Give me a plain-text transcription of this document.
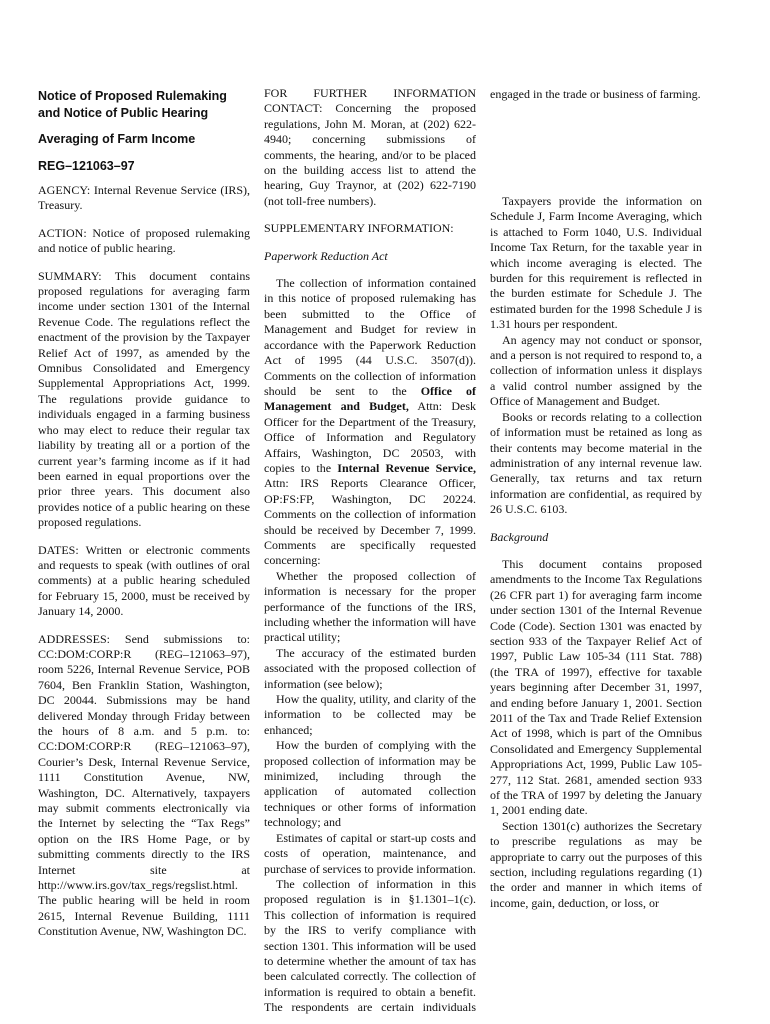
Notice of Proposed Rulemaking
and Notice of Public Hearing
Averaging of Farm Income
REG–121063–97

AGENCY: Internal Revenue Service (IRS), Treasury.

ACTION: Notice of proposed rulemaking and notice of public hearing.

SUMMARY: This document contains proposed regulations for averaging farm income under section 1301 of the Internal Revenue Code. The regulations reflect the enactment of the provision by the Taxpayer Relief Act of 1997, as amended by the Omnibus Consolidated and Emergency Supplemental Appropriations Act, 1999. The regulations provide guidance to individuals engaged in a farming business who may elect to reduce their regular tax liability by treating all or a portion of the current year’s farming income as if it had been earned in equal proportions over the prior three years. This document also provides notice of a public hearing on these proposed regulations.

DATES: Written or electronic comments and requests to speak (with outlines of oral comments) at a public hearing scheduled for February 15, 2000, must be received by January 14, 2000.

ADDRESSES: Send submissions to: CC:DOM:CORP:R (REG–121063–97), room 5226, Internal Revenue Service, POB 7604, Ben Franklin Station, Washington, DC 20044. Submissions may be hand delivered Monday through Friday between the hours of 8 a.m. and 5 p.m. to: CC:DOM:CORP:R (REG–121063–97), Courier’s Desk, Internal Revenue Service, 1111 Constitution Avenue, NW, Washington, DC. Alternatively, taxpayers may submit comments electronically via the Internet by selecting the “Tax Regs” option on the IRS Home Page, or by submitting comments directly to the IRS Internet site at http://www.irs.gov/tax_regs/regslist.html. The public hearing will be held in room 2615, Internal Revenue Building, 1111 Constitution Avenue, NW, Washington DC.

FOR FURTHER INFORMATION CONTACT: Concerning the proposed regulations, John M. Moran, at (202) 622-4940; concerning submissions of comments, the hearing, and/or to be placed on the building access list to attend the hearing, Guy Traynor, at (202) 622-7190 (not toll-free numbers).

SUPPLEMENTARY INFORMATION:

Paperwork Reduction Act

The collection of information contained in this notice of proposed rulemaking has been submitted to the Office of Management and Budget for review in accordance with the Paperwork Reduction Act of 1995 (44 U.S.C. 3507(d)). Comments on the collection of information should be sent to the Office of Management and Budget, Attn: Desk Officer for the Department of the Treasury, Office of Information and Regulatory Affairs, Washington, DC 20503, with copies to the Internal Revenue Service, Attn: IRS Reports Clearance Officer, OP:FS:FP, Washington, DC 20224. Comments on the collection of information should be received by December 7, 1999. Comments are specifically requested concerning:

Whether the proposed collection of information is necessary for the proper performance of the functions of the IRS, including whether the information will have practical utility;

The accuracy of the estimated burden associated with the proposed collection of information (see below);

How the quality, utility, and clarity of the information to be collected may be enhanced;

How the burden of complying with the proposed collection of information may be minimized, including through the application of automated collection techniques or other forms of information technology; and

Estimates of capital or start-up costs and costs of operation, maintenance, and purchase of services to provide information.

The collection of information in this proposed regulation is in §1.1301–1(c). This collection of information is required by the IRS to verify compliance with section 1301. This information will be used to determine whether the amount of tax has been calculated correctly. The collection of information is required to obtain a benefit. The respondents are certain individuals

engaged in the trade or business of farming.

Taxpayers provide the information on Schedule J, Farm Income Averaging, which is attached to Form 1040, U.S. Individual Income Tax Return, for the taxable year in which income averaging is elected. The burden for this requirement is reflected in the burden estimate for Schedule J. The estimated burden for the 1998 Schedule J is 1.31 hours per respondent.

An agency may not conduct or sponsor, and a person is not required to respond to, a collection of information unless it displays a valid control number assigned by the Office of Management and Budget.

Books or records relating to a collection of information must be retained as long as their contents may become material in the administration of any internal revenue law. Generally, tax returns and tax return information are confidential, as required by 26 U.S.C. 6103.

Background

This document contains proposed amendments to the Income Tax Regulations (26 CFR part 1) for averaging farm income under section 1301 of the Internal Revenue Code (Code). Section 1301 was enacted by section 933 of the Taxpayer Relief Act of 1997, Public Law 105-34 (111 Stat. 788) (the TRA of 1997), effective for taxable years beginning after December 31, 1997, and ending before January 1, 2001. Section 2011 of the Tax and Trade Relief Extension Act of 1998, which is part of the Omnibus Consolidated and Emergency Supplemental Appropriations Act, 1999, Public Law 105-277, 112 Stat. 2681, amended section 933 of the TRA of 1997 by deleting the January 1, 2001 ending date.

Section 1301(c) authorizes the Secretary to prescribe regulations as may be appropriate to carry out the purposes of this section, including regulations regarding (1) the order and manner in which items of income, gain, deduction, or loss, or
